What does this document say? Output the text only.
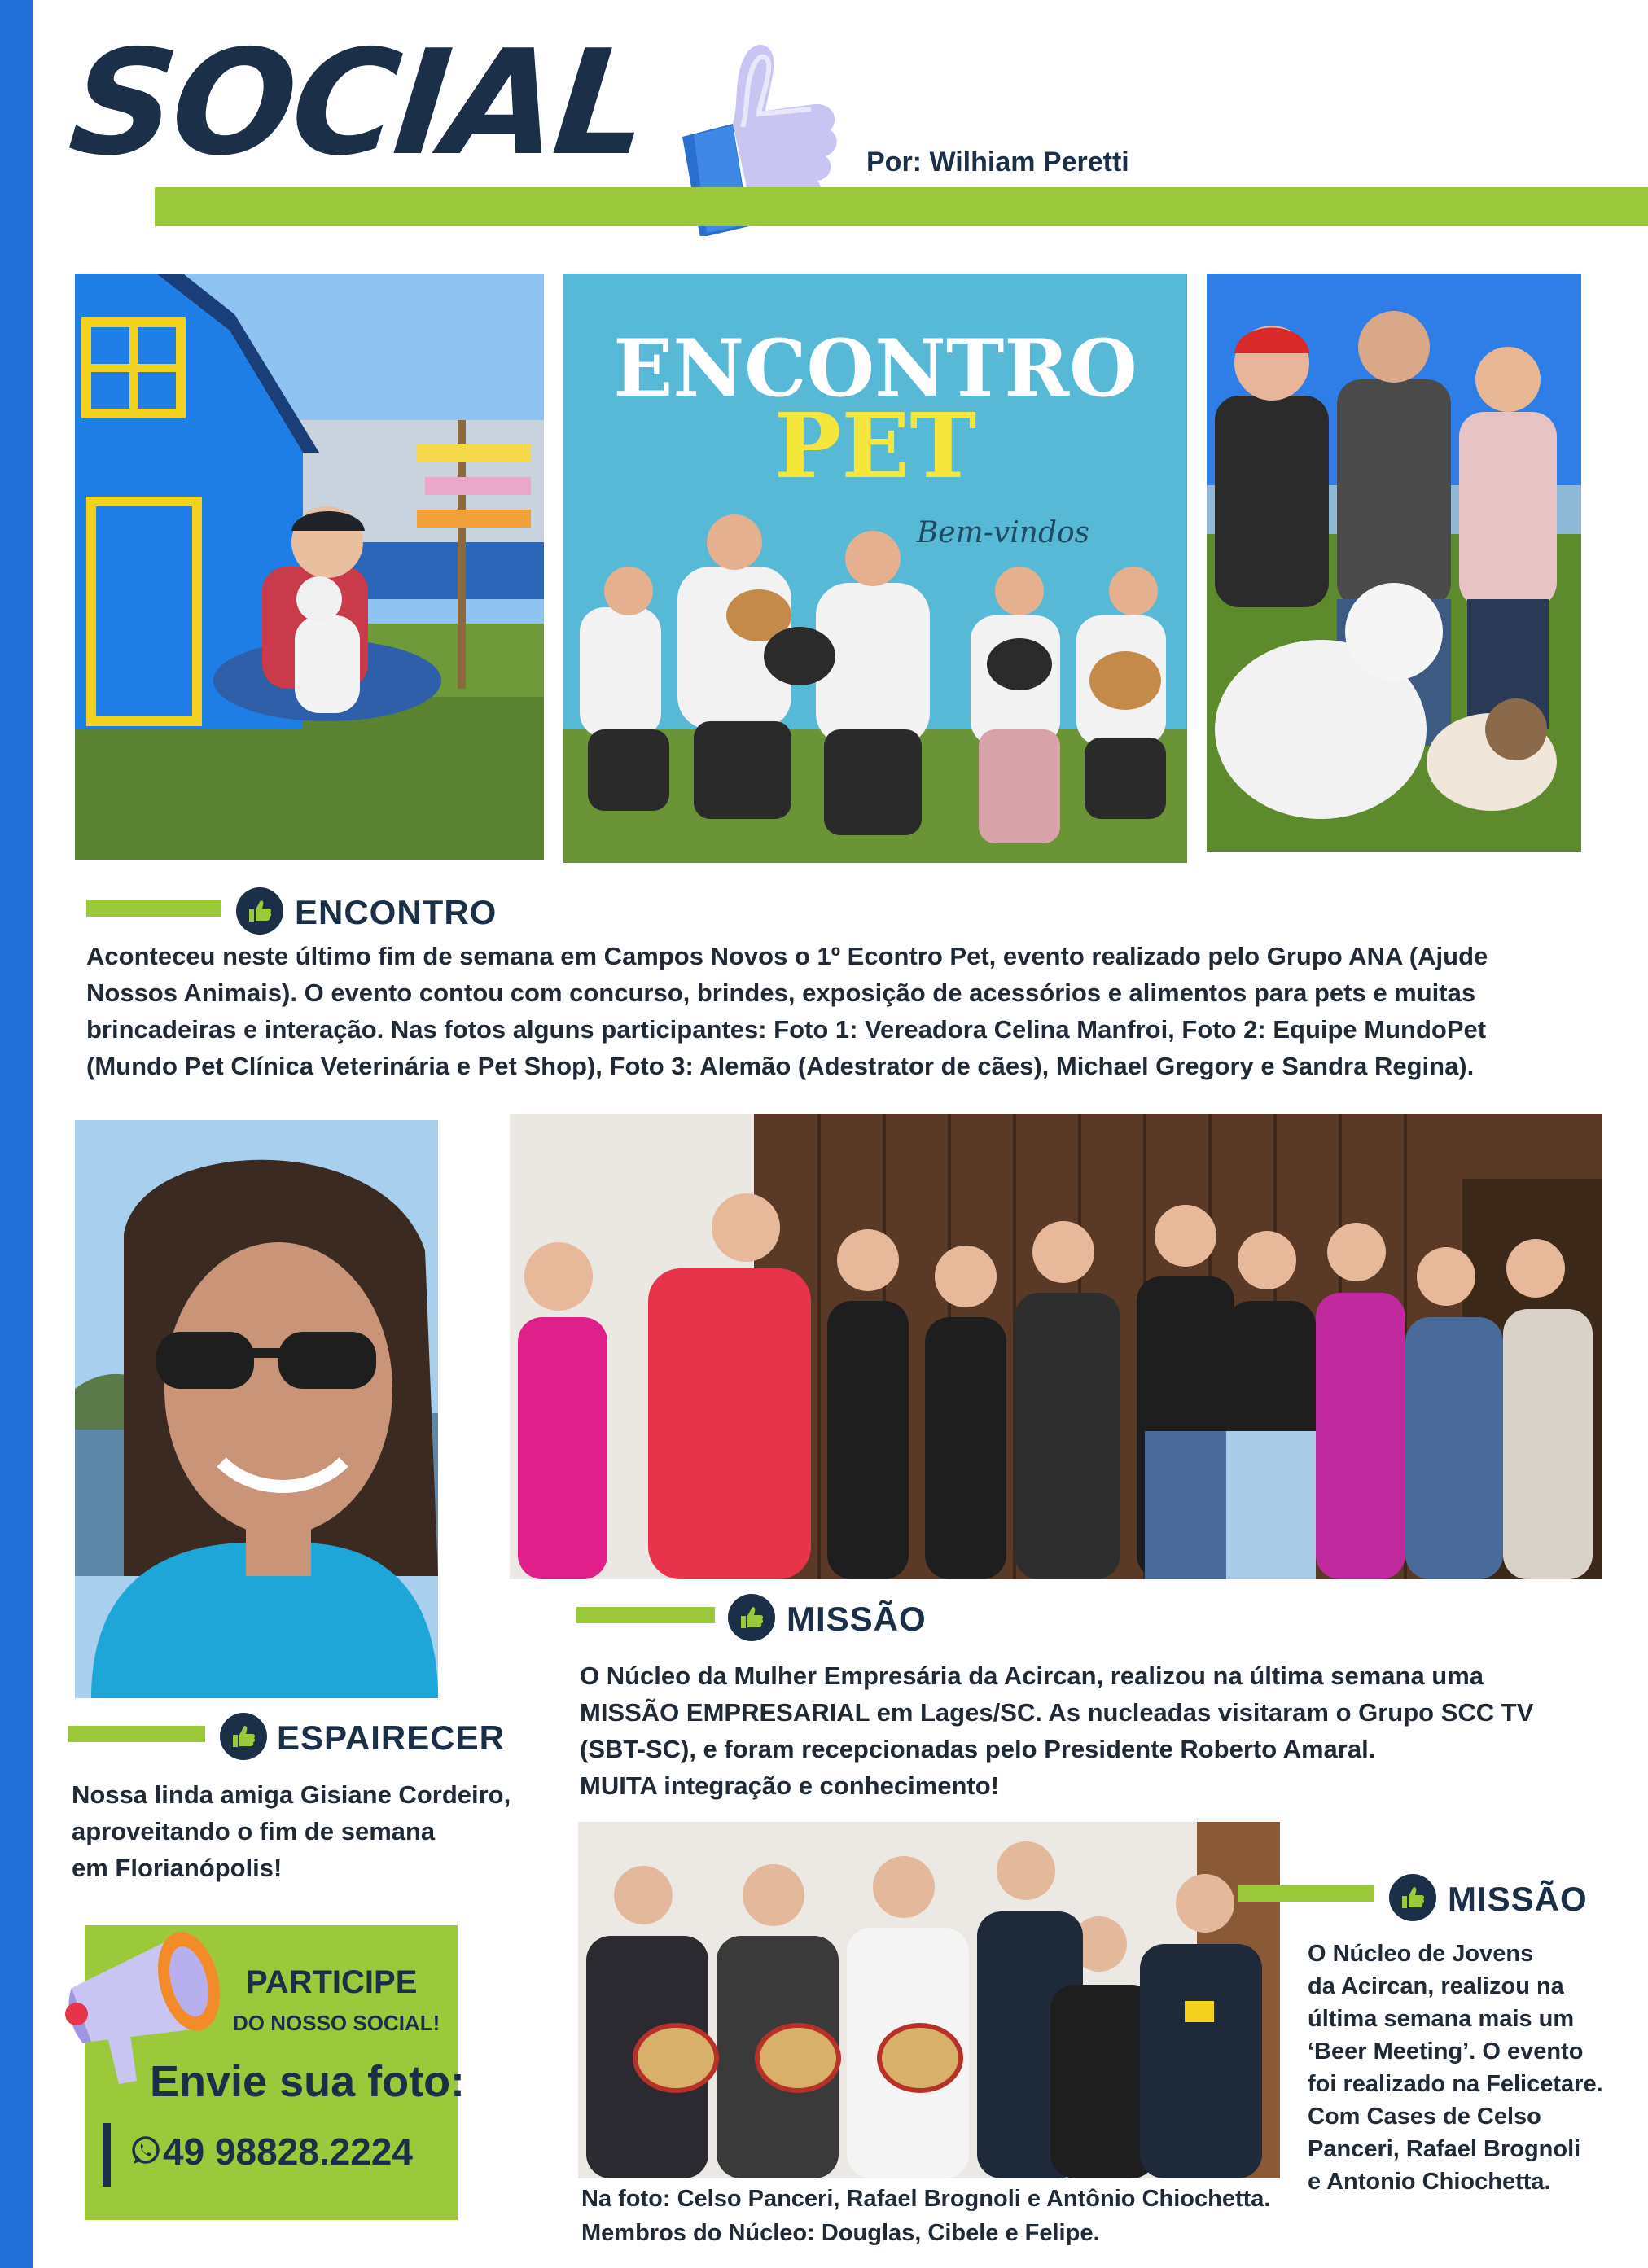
SOCIAL	Por: Wilhiam Peretti
ENCONTRO
PET
Bem-vindos
ENCONTRO
Aconteceu neste último fim de semana em Campos Novos o 1º Econtro Pet, evento realizado pelo Grupo ANA (Ajude
Nossos Animais). O evento contou com concurso, brindes, exposição de acessórios e alimentos para pets e muitas
brincadeiras e interação. Nas fotos alguns participantes: Foto 1: Vereadora Celina Manfroi, Foto 2: Equipe MundoPet
(Mundo Pet Clínica Veterinária e Pet Shop), Foto 3: Alemão (Adestrator de cães), Michael Gregory e Sandra Regina).
MISSÃO
O Núcleo da Mulher Empresária da Acircan, realizou na última semana uma
MISSÃO EMPRESARIAL em Lages/SC. As nucleadas visitaram o Grupo SCC TV
(SBT-SC), e foram recepcionadas pelo Presidente Roberto Amaral.
MUITA integração e conhecimento!
ESPAIRECER
Nossa linda amiga Gisiane Cordeiro,
aproveitando o fim de semana
em Florianópolis!
Na foto: Celso Panceri, Rafael Brognoli e Antônio Chiochetta.
Membros do Núcleo: Douglas, Cibele e Felipe.
MISSÃO
O Núcleo de Jovens
da Acircan, realizou na
última semana mais um
‘Beer Meeting’. O evento
foi realizado na Felicetare.
Com Cases de Celso
Panceri, Rafael Brognoli
e Antonio Chiochetta.
PARTICIPE
DO NOSSO SOCIAL!
Envie sua foto:
49 98828.2224
